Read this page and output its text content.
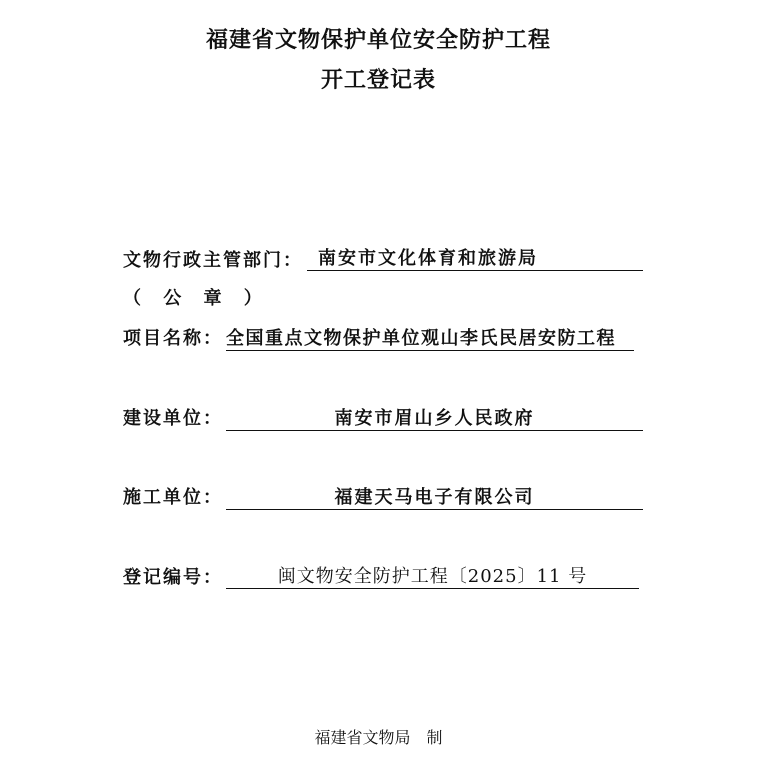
福建省文物保护单位安全防护工程
开工登记表
文物行政主管部门： 南安市文化体育和旅游局
（ 公 章 ）
项目名称： 全国重点文物保护单位观山李氏民居安防工程
建设单位：	南安市眉山乡人民政府
施工单位：	福建天马电子有限公司
登记编号：	闽文物安全防护工程〔2025〕11 号
福建省文物局　制
